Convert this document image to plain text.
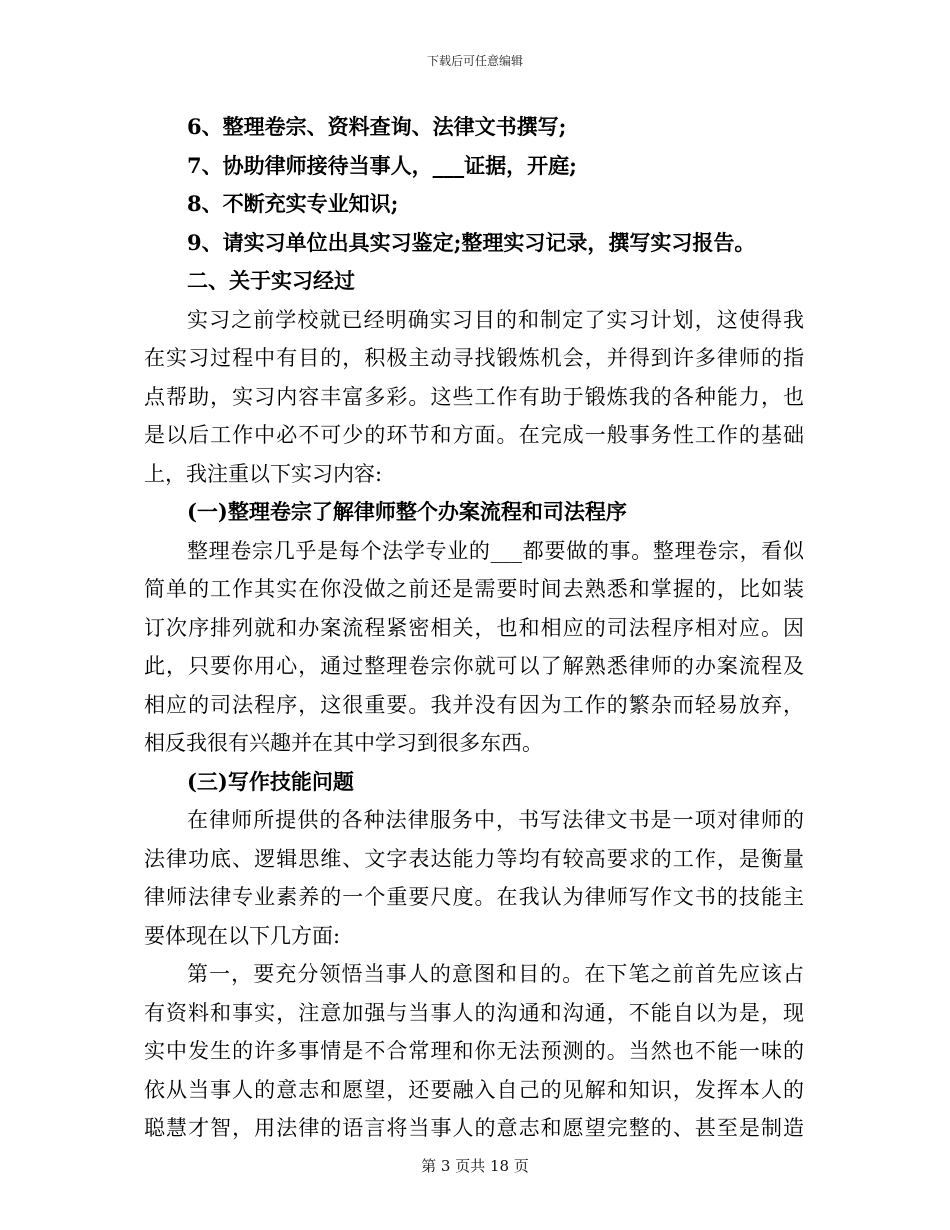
下载后可任意编辑
6、整理卷宗、资料查询、法律文书撰写;
7、协助律师接待当事人，___证据，开庭;
8、不断充实专业知识;
9、请实习单位出具实习鉴定;整理实习记录，撰写实习报告。
二、关于实习经过
实习之前学校就已经明确实习目的和制定了实习计划，这使得我
在实习过程中有目的，积极主动寻找锻炼机会，并得到许多律师的指
点帮助，实习内容丰富多彩。这些工作有助于锻炼我的各种能力，也
是以后工作中必不可少的环节和方面。在完成一般事务性工作的基础
上，我注重以下实习内容:
(一)整理卷宗了解律师整个办案流程和司法程序
整理卷宗几乎是每个法学专业的___都要做的事。整理卷宗，看似
简单的工作其实在你没做之前还是需要时间去熟悉和掌握的，比如装
订次序排列就和办案流程紧密相关，也和相应的司法程序相对应。因
此，只要你用心，通过整理卷宗你就可以了解熟悉律师的办案流程及
相应的司法程序，这很重要。我并没有因为工作的繁杂而轻易放弃，
相反我很有兴趣并在其中学习到很多东西。
(三)写作技能问题
在律师所提供的各种法律服务中，书写法律文书是一项对律师的
法律功底、逻辑思维、文字表达能力等均有较高要求的工作，是衡量
律师法律专业素养的一个重要尺度。在我认为律师写作文书的技能主
要体现在以下几方面:
第一，要充分领悟当事人的意图和目的。在下笔之前首先应该占
有资料和事实，注意加强与当事人的沟通和沟通，不能自以为是，现
实中发生的许多事情是不合常理和你无法预测的。当然也不能一味的
依从当事人的意志和愿望，还要融入自己的见解和知识，发挥本人的
聪慧才智，用法律的语言将当事人的意志和愿望完整的、甚至是制造
第 3 页共 18 页
